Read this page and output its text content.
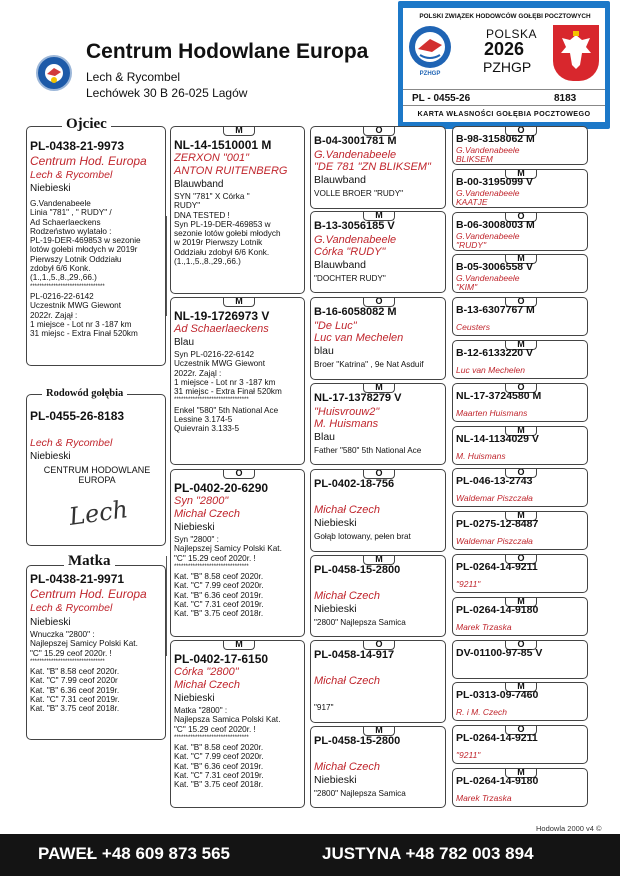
Centrum Hodowlane Europa
Lech & Rycombel
Lechówek 30 B 26-025 Lagów
POLSKI ZWIĄZEK HODOWCÓW GOŁĘBI POCZTOWYCH
PZHGP
POLSKA
2026
PZHGP
PL - 0455-26	8183
KARTA WŁASNOŚCI GOŁĘBIA POCZTOWEGO
PL-0438-21-9973
Centrum Hod. Europa
Lech & Rycombel
Niebieski
G.Vandenabeele
Linia "781" , " RUDY" /
Ad Schaerlaeckens
Rodzeństwo wylatało :
PL-19-DER-469853 w sezonie
lotów gołebi młodych w 2019r
Pierwszy Lotnik Oddziału
zdobył 6/6 Konk.
(1.,1.,5.,8.,29.,66.)
********************************
PL-0216-22-6142
Uczestnik MWG Giewont
2022r. Zajął :
1 miejsce - Lot nr 3 -187 km
31 miejsc - Extra Finał 520km
Ojciec
PL-0455-26-8183
Lech & Rycombel
Niebieski
CENTRUM HODOWLANE
EUROPA
Lech
Rodowód gołębia
PL-0438-21-9971
Centrum Hod. Europa
Lech & Rycombel
Niebieski
Wnuczka "2800" :
Najlepszej Samicy Polski Kat.
"C" 15.29 ceof 2020r. !
********************************
Kat. "B" 8.58 ceof 2020r.
Kat. "C" 7.99 ceof 2020r
Kat. "B" 6.36 ceof 2019r.
Kat. "C" 7.31 ceof 2019r.
Kat. "B" 3.75 ceof 2018r.
Matka
M
NL-14-1510001 M
ZERXON "001"
ANTON RUITENBERG
Blauwband
SYN "781" X Córka "
RUDY"
DNA TESTED !
Syn PL-19-DER-469853 w
sezonie lotów gołebi młodych
w 2019r Pierwszy Lotnik
Oddziału zdobył 6/6 Konk.
(1.,1.,5.,8.,29.,66.)
M
NL-19-1726973 V
Ad Schaerlaeckens
Blau
Syn PL-0216-22-6142
Uczestnik MWG Giewont
2022r. Zająl :
1 miejsce - Lot nr 3 -187 km
31 miejsc - Extra Finał 520km
********************************
Enkel "580" 5th National Ace
Lessine 3.174-5
Quievrain 3.133-5
O
PL-0402-20-6290
Syn "2800"
Michał Czech
Niebieski
Syn "2800" :
Najlepszej Samicy Polski Kat.
"C" 15.29 ceof 2020r. !
********************************
Kat. "B" 8.58 ceof 2020r.
Kat. "C" 7.99 ceof 2020r.
Kat. "B" 6.36 ceof 2019r.
Kat. "C" 7.31 ceof 2019r.
Kat. "B" 3.75 ceof 2018r.
M
PL-0402-17-6150
Córka "2800"
Michał Czech
Niebieski
Matka "2800" :
Najlepsza Samica Polski Kat.
"C" 15.29 ceof 2020r. !
********************************
Kat. "B" 8.58 ceof 2020r.
Kat. "C" 7.99 ceof 2020r.
Kat. "B" 6.36 ceof 2019r.
Kat. "C" 7.31 ceof 2019r.
Kat. "B" 3.75 ceof 2018r.
O
B-04-3001781 M
G.Vandenabeele
"DE 781 "ZN BLIKSEM"
Blauwband
VOLLE BROER "RUDY"
M
B-13-3056185 V
G.Vandenabeele
Córka "RUDY"
Blauwband
"DOCHTER RUDY"
O
B-16-6058082 M
"De Luc"
Luc van Mechelen
blau
Broer "Katrina" , 9e Nat Asduif
M
NL-17-1378279 V
"Huisvrouw2"
M. Huismans
Blau
Father "580" 5th National Ace
O
PL-0402-18-756
Michał Czech
Niebieski
Gołąb lotowany, pełen brat
M
PL-0458-15-2800
Michał Czech
Niebieski
"2800" Najlepsza Samica
O
PL-0458-14-917
Michał Czech
"917"
M
PL-0458-15-2800
Michał Czech
Niebieski
"2800" Najlepsza Samica
O
B-98-3158062 M
G.Vandenabeele
BLIKSEM
M
B-00-3195099 V
G.Vandenabeele
KAATJE
O
B-06-3008003 M
G.Vandenabeele
"RUDY"
M
B-05-3006558 V
G.Vandenabeele
"KIM"
O
B-13-6307767 M
Ceusters
M
B-12-6133220 V
Luc van Mechelen
O
NL-17-3724580 M
Maarten Huismans
M
NL-14-1134029 V
M. Huismans
O
PL-046-13-2743
Waldemar Piszczała
M
PL-0275-12-8487
Waldemar Piszczała
O
PL-0264-14-9211
"9211"
M
PL-0264-14-9180
Marek Trzaska
O
DV-01100-97-85 V
M
PL-0313-09-7460
R. i M. Czech
O
PL-0264-14-9211
"9211"
M
PL-0264-14-9180
Marek Trzaska
Hodowla 2000 v4 ©
PAWEŁ +48 609 873 565	JUSTYNA +48 782 003 894
